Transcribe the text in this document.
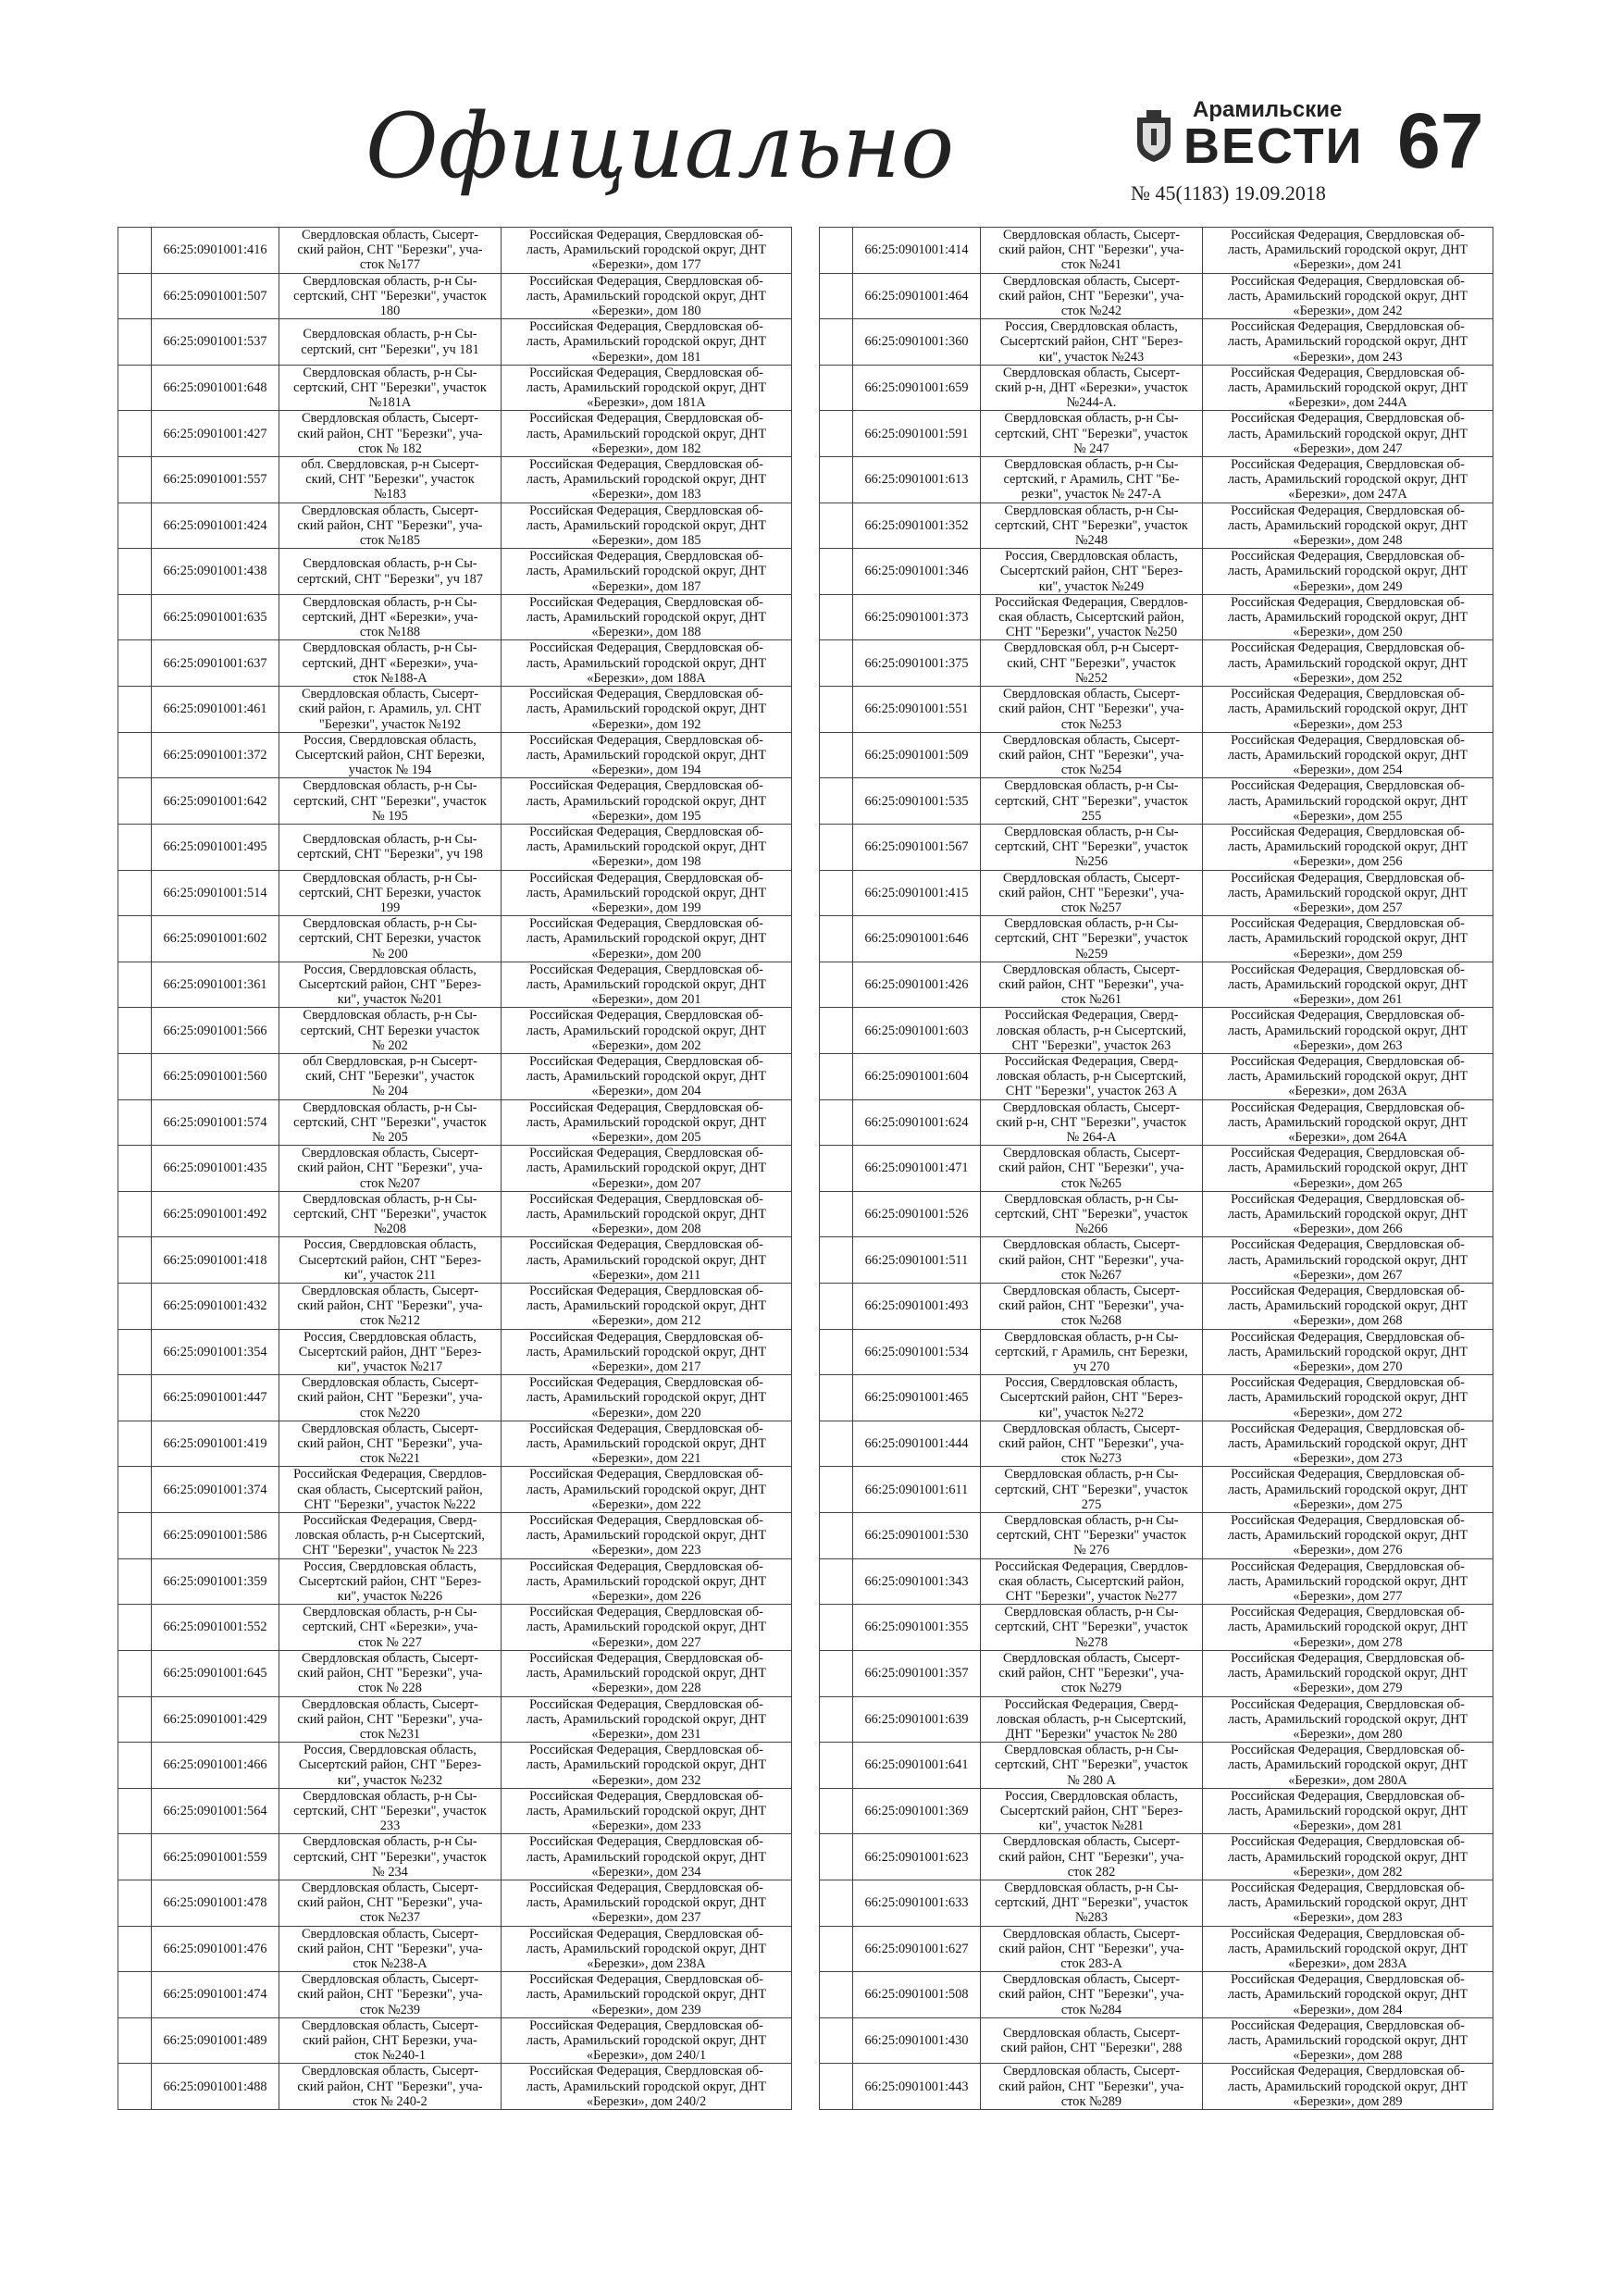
Официально	Арамильские
ВЕСТИ 67
№ 45(1183) 19.09.2018
	66:25:0901001:416	Свердловская область, Сысерт-
ский район, СНТ "Березки", уча-
сток №177	Российская Федерация, Свердловская об-
ласть, Арамильский городской округ, ДНТ
«Березки», дом 177
	66:25:0901001:507	Свердловская область, р-н Сы-
сертский, СНТ "Березки", участок
180	Российская Федерация, Свердловская об-
ласть, Арамильский городской округ, ДНТ
«Березки», дом 180
	66:25:0901001:537	Свердловская область, р-н Сы-
сертский, снт "Березки", уч 181	Российская Федерация, Свердловская об-
ласть, Арамильский городской округ, ДНТ
«Березки», дом 181
	66:25:0901001:648	Свердловская область, р-н Сы-
сертский, СНТ "Березки", участок
№181А	Российская Федерация, Свердловская об-
ласть, Арамильский городской округ, ДНТ
«Березки», дом 181А
	66:25:0901001:427	Свердловская область, Сысерт-
ский район, СНТ "Березки", уча-
сток № 182	Российская Федерация, Свердловская об-
ласть, Арамильский городской округ, ДНТ
«Березки», дом 182
	66:25:0901001:557	обл. Свердловская, р-н Сысерт-
ский, СНТ "Березки", участок
№183	Российская Федерация, Свердловская об-
ласть, Арамильский городской округ, ДНТ
«Березки», дом 183
	66:25:0901001:424	Свердловская область, Сысерт-
ский район, СНТ "Березки", уча-
сток №185	Российская Федерация, Свердловская об-
ласть, Арамильский городской округ, ДНТ
«Березки», дом 185
	66:25:0901001:438	Свердловская область, р-н Сы-
сертский, СНТ "Березки", уч 187	Российская Федерация, Свердловская об-
ласть, Арамильский городской округ, ДНТ
«Березки», дом 187
	66:25:0901001:635	Свердловская область, р-н Сы-
сертский, ДНТ «Березки», уча-
сток №188	Российская Федерация, Свердловская об-
ласть, Арамильский городской округ, ДНТ
«Березки», дом 188
	66:25:0901001:637	Свердловская область, р-н Сы-
сертский, ДНТ «Березки», уча-
сток №188-А	Российская Федерация, Свердловская об-
ласть, Арамильский городской округ, ДНТ
«Березки», дом 188А
	66:25:0901001:461	Свердловская область, Сысерт-
ский район, г. Арамиль, ул. СНТ
"Березки", участок №192	Российская Федерация, Свердловская об-
ласть, Арамильский городской округ, ДНТ
«Березки», дом 192
	66:25:0901001:372	Россия, Свердловская область,
Сысертский район, СНТ Березки,
участок № 194	Российская Федерация, Свердловская об-
ласть, Арамильский городской округ, ДНТ
«Березки», дом 194
	66:25:0901001:642	Свердловская область, р-н Сы-
сертский, СНТ "Березки", участок
№ 195	Российская Федерация, Свердловская об-
ласть, Арамильский городской округ, ДНТ
«Березки», дом 195
	66:25:0901001:495	Свердловская область, р-н Сы-
сертский, СНТ "Березки", уч 198	Российская Федерация, Свердловская об-
ласть, Арамильский городской округ, ДНТ
«Березки», дом 198
	66:25:0901001:514	Свердловская область, р-н Сы-
сертский, СНТ Березки, участок
199	Российская Федерация, Свердловская об-
ласть, Арамильский городской округ, ДНТ
«Березки», дом 199
	66:25:0901001:602	Свердловская область, р-н Сы-
сертский, СНТ Березки, участок
№ 200	Российская Федерация, Свердловская об-
ласть, Арамильский городской округ, ДНТ
«Березки», дом 200
	66:25:0901001:361	Россия, Свердловская область,
Сысертский район, СНТ "Берез-
ки", участок №201	Российская Федерация, Свердловская об-
ласть, Арамильский городской округ, ДНТ
«Березки», дом 201
	66:25:0901001:566	Свердловская область, р-н Сы-
сертский, СНТ Березки участок
№ 202	Российская Федерация, Свердловская об-
ласть, Арамильский городской округ, ДНТ
«Березки», дом 202
	66:25:0901001:560	обл Свердловская, р-н Сысерт-
ский, СНТ "Березки", участок
№ 204	Российская Федерация, Свердловская об-
ласть, Арамильский городской округ, ДНТ
«Березки», дом 204
	66:25:0901001:574	Свердловская область, р-н Сы-
сертский, СНТ "Березки", участок
№ 205	Российская Федерация, Свердловская об-
ласть, Арамильский городской округ, ДНТ
«Березки», дом 205
	66:25:0901001:435	Свердловская область, Сысерт-
ский район, СНТ "Березки", уча-
сток №207	Российская Федерация, Свердловская об-
ласть, Арамильский городской округ, ДНТ
«Березки», дом 207
	66:25:0901001:492	Свердловская область, р-н Сы-
сертский, СНТ "Березки", участок
№208	Российская Федерация, Свердловская об-
ласть, Арамильский городской округ, ДНТ
«Березки», дом 208
	66:25:0901001:418	Россия, Свердловская область,
Сысертский район, СНТ "Берез-
ки", участок 211	Российская Федерация, Свердловская об-
ласть, Арамильский городской округ, ДНТ
«Березки», дом 211
	66:25:0901001:432	Свердловская область, Сысерт-
ский район, СНТ "Березки", уча-
сток №212	Российская Федерация, Свердловская об-
ласть, Арамильский городской округ, ДНТ
«Березки», дом 212
	66:25:0901001:354	Россия, Свердловская область,
Сысертский район, ДНТ "Берез-
ки", участок №217	Российская Федерация, Свердловская об-
ласть, Арамильский городской округ, ДНТ
«Березки», дом 217
	66:25:0901001:447	Свердловская область, Сысерт-
ский район, СНТ "Березки", уча-
сток №220	Российская Федерация, Свердловская об-
ласть, Арамильский городской округ, ДНТ
«Березки», дом 220
	66:25:0901001:419	Свердловская область, Сысерт-
ский район, СНТ "Березки", уча-
сток №221	Российская Федерация, Свердловская об-
ласть, Арамильский городской округ, ДНТ
«Березки», дом 221
	66:25:0901001:374	Российская Федерация, Свердлов-
ская область, Сысертский район,
СНТ "Березки", участок №222	Российская Федерация, Свердловская об-
ласть, Арамильский городской округ, ДНТ
«Березки», дом 222
	66:25:0901001:586	Российская Федерация, Сверд-
ловская область, р-н Сысертский,
СНТ "Березки", участок № 223	Российская Федерация, Свердловская об-
ласть, Арамильский городской округ, ДНТ
«Березки», дом 223
	66:25:0901001:359	Россия, Свердловская область,
Сысертский район, СНТ "Берез-
ки", участок №226	Российская Федерация, Свердловская об-
ласть, Арамильский городской округ, ДНТ
«Березки», дом 226
	66:25:0901001:552	Свердловская область, р-н Сы-
сертский, СНТ «Березки», уча-
сток № 227	Российская Федерация, Свердловская об-
ласть, Арамильский городской округ, ДНТ
«Березки», дом 227
	66:25:0901001:645	Свердловская область, Сысерт-
ский район, СНТ "Березки", уча-
сток № 228	Российская Федерация, Свердловская об-
ласть, Арамильский городской округ, ДНТ
«Березки», дом 228
	66:25:0901001:429	Свердловская область, Сысерт-
ский район, СНТ "Березки", уча-
сток №231	Российская Федерация, Свердловская об-
ласть, Арамильский городской округ, ДНТ
«Березки», дом 231
	66:25:0901001:466	Россия, Свердловская область,
Сысертский район, СНТ "Берез-
ки", участок №232	Российская Федерация, Свердловская об-
ласть, Арамильский городской округ, ДНТ
«Березки», дом 232
	66:25:0901001:564	Свердловская область, р-н Сы-
сертский, СНТ "Березки", участок
233	Российская Федерация, Свердловская об-
ласть, Арамильский городской округ, ДНТ
«Березки», дом 233
	66:25:0901001:559	Свердловская область, р-н Сы-
сертский, СНТ "Березки", участок
№ 234	Российская Федерация, Свердловская об-
ласть, Арамильский городской округ, ДНТ
«Березки», дом 234
	66:25:0901001:478	Свердловская область, Сысерт-
ский район, СНТ "Березки", уча-
сток №237	Российская Федерация, Свердловская об-
ласть, Арамильский городской округ, ДНТ
«Березки», дом 237
	66:25:0901001:476	Свердловская область, Сысерт-
ский район, СНТ "Березки", уча-
сток №238-А	Российская Федерация, Свердловская об-
ласть, Арамильский городской округ, ДНТ
«Березки», дом 238А
	66:25:0901001:474	Свердловская область, Сысерт-
ский район, СНТ "Березки", уча-
сток №239	Российская Федерация, Свердловская об-
ласть, Арамильский городской округ, ДНТ
«Березки», дом 239
	66:25:0901001:489	Свердловская область, Сысерт-
ский район, СНТ Березки, уча-
сток №240-1	Российская Федерация, Свердловская об-
ласть, Арамильский городской округ, ДНТ
«Березки», дом 240/1
	66:25:0901001:488	Свердловская область, Сысерт-
ский район, СНТ "Березки", уча-
сток № 240-2	Российская Федерация, Свердловская об-
ласть, Арамильский городской округ, ДНТ
«Березки», дом 240/2
	66:25:0901001:414	Свердловская область, Сысерт-
ский район, СНТ "Березки", уча-
сток №241	Российская Федерация, Свердловская об-
ласть, Арамильский городской округ, ДНТ
«Березки», дом 241
	66:25:0901001:464	Свердловская область, Сысерт-
ский район, СНТ "Березки", уча-
сток №242	Российская Федерация, Свердловская об-
ласть, Арамильский городской округ, ДНТ
«Березки», дом 242
	66:25:0901001:360	Россия, Свердловская область,
Сысертский район, СНТ "Берез-
ки", участок №243	Российская Федерация, Свердловская об-
ласть, Арамильский городской округ, ДНТ
«Березки», дом 243
	66:25:0901001:659	Свердловская область, Сысерт-
ский р-н, ДНТ «Березки», участок
№244-А.	Российская Федерация, Свердловская об-
ласть, Арамильский городской округ, ДНТ
«Березки», дом 244А
	66:25:0901001:591	Свердловская область, р-н Сы-
сертский, СНТ "Березки", участок
№ 247	Российская Федерация, Свердловская об-
ласть, Арамильский городской округ, ДНТ
«Березки», дом 247
	66:25:0901001:613	Свердловская область, р-н Сы-
сертский, г Арамиль, СНТ "Бе-
резки", участок № 247-А	Российская Федерация, Свердловская об-
ласть, Арамильский городской округ, ДНТ
«Березки», дом 247А
	66:25:0901001:352	Свердловская область, р-н Сы-
сертский, СНТ "Березки", участок
№248	Российская Федерация, Свердловская об-
ласть, Арамильский городской округ, ДНТ
«Березки», дом 248
	66:25:0901001:346	Россия, Свердловская область,
Сысертский район, СНТ "Берез-
ки", участок №249	Российская Федерация, Свердловская об-
ласть, Арамильский городской округ, ДНТ
«Березки», дом 249
	66:25:0901001:373	Российская Федерация, Свердлов-
ская область, Сысертский район,
СНТ "Березки", участок №250	Российская Федерация, Свердловская об-
ласть, Арамильский городской округ, ДНТ
«Березки», дом 250
	66:25:0901001:375	Свердловская обл, р-н Сысерт-
ский, СНТ "Березки", участок
№252	Российская Федерация, Свердловская об-
ласть, Арамильский городской округ, ДНТ
«Березки», дом 252
	66:25:0901001:551	Свердловская область, Сысерт-
ский район, СНТ "Березки", уча-
сток №253	Российская Федерация, Свердловская об-
ласть, Арамильский городской округ, ДНТ
«Березки», дом 253
	66:25:0901001:509	Свердловская область, Сысерт-
ский район, СНТ "Березки", уча-
сток №254	Российская Федерация, Свердловская об-
ласть, Арамильский городской округ, ДНТ
«Березки», дом 254
	66:25:0901001:535	Свердловская область, р-н Сы-
сертский, СНТ "Березки", участок
255	Российская Федерация, Свердловская об-
ласть, Арамильский городской округ, ДНТ
«Березки», дом 255
	66:25:0901001:567	Свердловская область, р-н Сы-
сертский, СНТ "Березки", участок
№256	Российская Федерация, Свердловская об-
ласть, Арамильский городской округ, ДНТ
«Березки», дом 256
	66:25:0901001:415	Свердловская область, Сысерт-
ский район, СНТ "Березки", уча-
сток №257	Российская Федерация, Свердловская об-
ласть, Арамильский городской округ, ДНТ
«Березки», дом 257
	66:25:0901001:646	Свердловская область, р-н Сы-
сертский, СНТ "Березки", участок
№259	Российская Федерация, Свердловская об-
ласть, Арамильский городской округ, ДНТ
«Березки», дом 259
	66:25:0901001:426	Свердловская область, Сысерт-
ский район, СНТ "Березки", уча-
сток №261	Российская Федерация, Свердловская об-
ласть, Арамильский городской округ, ДНТ
«Березки», дом 261
	66:25:0901001:603	Российская Федерация, Сверд-
ловская область, р-н Сысертский,
СНТ "Березки", участок 263	Российская Федерация, Свердловская об-
ласть, Арамильский городской округ, ДНТ
«Березки», дом 263
	66:25:0901001:604	Российская Федерация, Сверд-
ловская область, р-н Сысертский,
СНТ "Березки", участок 263 А	Российская Федерация, Свердловская об-
ласть, Арамильский городской округ, ДНТ
«Березки», дом 263А
	66:25:0901001:624	Свердловская область, Сысерт-
ский р-н, СНТ "Березки", участок
№ 264-А	Российская Федерация, Свердловская об-
ласть, Арамильский городской округ, ДНТ
«Березки», дом 264А
	66:25:0901001:471	Свердловская область, Сысерт-
ский район, СНТ "Березки", уча-
сток №265	Российская Федерация, Свердловская об-
ласть, Арамильский городской округ, ДНТ
«Березки», дом 265
	66:25:0901001:526	Свердловская область, р-н Сы-
сертский, СНТ "Березки", участок
№266	Российская Федерация, Свердловская об-
ласть, Арамильский городской округ, ДНТ
«Березки», дом 266
	66:25:0901001:511	Свердловская область, Сысерт-
ский район, СНТ "Березки", уча-
сток №267	Российская Федерация, Свердловская об-
ласть, Арамильский городской округ, ДНТ
«Березки», дом 267
	66:25:0901001:493	Свердловская область, Сысерт-
ский район, СНТ "Березки", уча-
сток №268	Российская Федерация, Свердловская об-
ласть, Арамильский городской округ, ДНТ
«Березки», дом 268
	66:25:0901001:534	Свердловская область, р-н Сы-
сертский, г Арамиль, снт Березки,
уч 270	Российская Федерация, Свердловская об-
ласть, Арамильский городской округ, ДНТ
«Березки», дом 270
	66:25:0901001:465	Россия, Свердловская область,
Сысертский район, СНТ "Берез-
ки", участок №272	Российская Федерация, Свердловская об-
ласть, Арамильский городской округ, ДНТ
«Березки», дом 272
	66:25:0901001:444	Свердловская область, Сысерт-
ский район, СНТ "Березки", уча-
сток №273	Российская Федерация, Свердловская об-
ласть, Арамильский городской округ, ДНТ
«Березки», дом 273
	66:25:0901001:611	Свердловская область, р-н Сы-
сертский, СНТ "Березки", участок
275	Российская Федерация, Свердловская об-
ласть, Арамильский городской округ, ДНТ
«Березки», дом 275
	66:25:0901001:530	Свердловская область, р-н Сы-
сертский, СНТ "Березки" участок
№ 276	Российская Федерация, Свердловская об-
ласть, Арамильский городской округ, ДНТ
«Березки», дом 276
	66:25:0901001:343	Российская Федерация, Свердлов-
ская область, Сысертский район,
СНТ "Березки", участок №277	Российская Федерация, Свердловская об-
ласть, Арамильский городской округ, ДНТ
«Березки», дом 277
	66:25:0901001:355	Свердловская область, р-н Сы-
сертский, СНТ "Березки", участок
№278	Российская Федерация, Свердловская об-
ласть, Арамильский городской округ, ДНТ
«Березки», дом 278
	66:25:0901001:357	Свердловская область, Сысерт-
ский район, СНТ "Березки", уча-
сток №279	Российская Федерация, Свердловская об-
ласть, Арамильский городской округ, ДНТ
«Березки», дом 279
	66:25:0901001:639	Российская Федерация, Сверд-
ловская область, р-н Сысертский,
ДНТ "Березки" участок № 280	Российская Федерация, Свердловская об-
ласть, Арамильский городской округ, ДНТ
«Березки», дом 280
	66:25:0901001:641	Свердловская область, р-н Сы-
сертский, СНТ "Березки", участок
№ 280 А	Российская Федерация, Свердловская об-
ласть, Арамильский городской округ, ДНТ
«Березки», дом 280А
	66:25:0901001:369	Россия, Свердловская область,
Сысертский район, СНТ "Берез-
ки", участок №281	Российская Федерация, Свердловская об-
ласть, Арамильский городской округ, ДНТ
«Березки», дом 281
	66:25:0901001:623	Свердловская область, Сысерт-
ский район, СНТ "Березки", уча-
сток 282	Российская Федерация, Свердловская об-
ласть, Арамильский городской округ, ДНТ
«Березки», дом 282
	66:25:0901001:633	Свердловская область, р-н Сы-
сертский, ДНТ "Березки", участок
№283	Российская Федерация, Свердловская об-
ласть, Арамильский городской округ, ДНТ
«Березки», дом 283
	66:25:0901001:627	Свердловская область, Сысерт-
ский район, СНТ "Березки", уча-
сток 283-А	Российская Федерация, Свердловская об-
ласть, Арамильский городской округ, ДНТ
«Березки», дом 283А
	66:25:0901001:508	Свердловская область, Сысерт-
ский район, СНТ "Березки", уча-
сток №284	Российская Федерация, Свердловская об-
ласть, Арамильский городской округ, ДНТ
«Березки», дом 284
	66:25:0901001:430	Свердловская область, Сысерт-
ский район, СНТ "Березки", 288	Российская Федерация, Свердловская об-
ласть, Арамильский городской округ, ДНТ
«Березки», дом 288
	66:25:0901001:443	Свердловская область, Сысерт-
ский район, СНТ "Березки", уча-
сток №289	Российская Федерация, Свердловская об-
ласть, Арамильский городской округ, ДНТ
«Березки», дом 289
